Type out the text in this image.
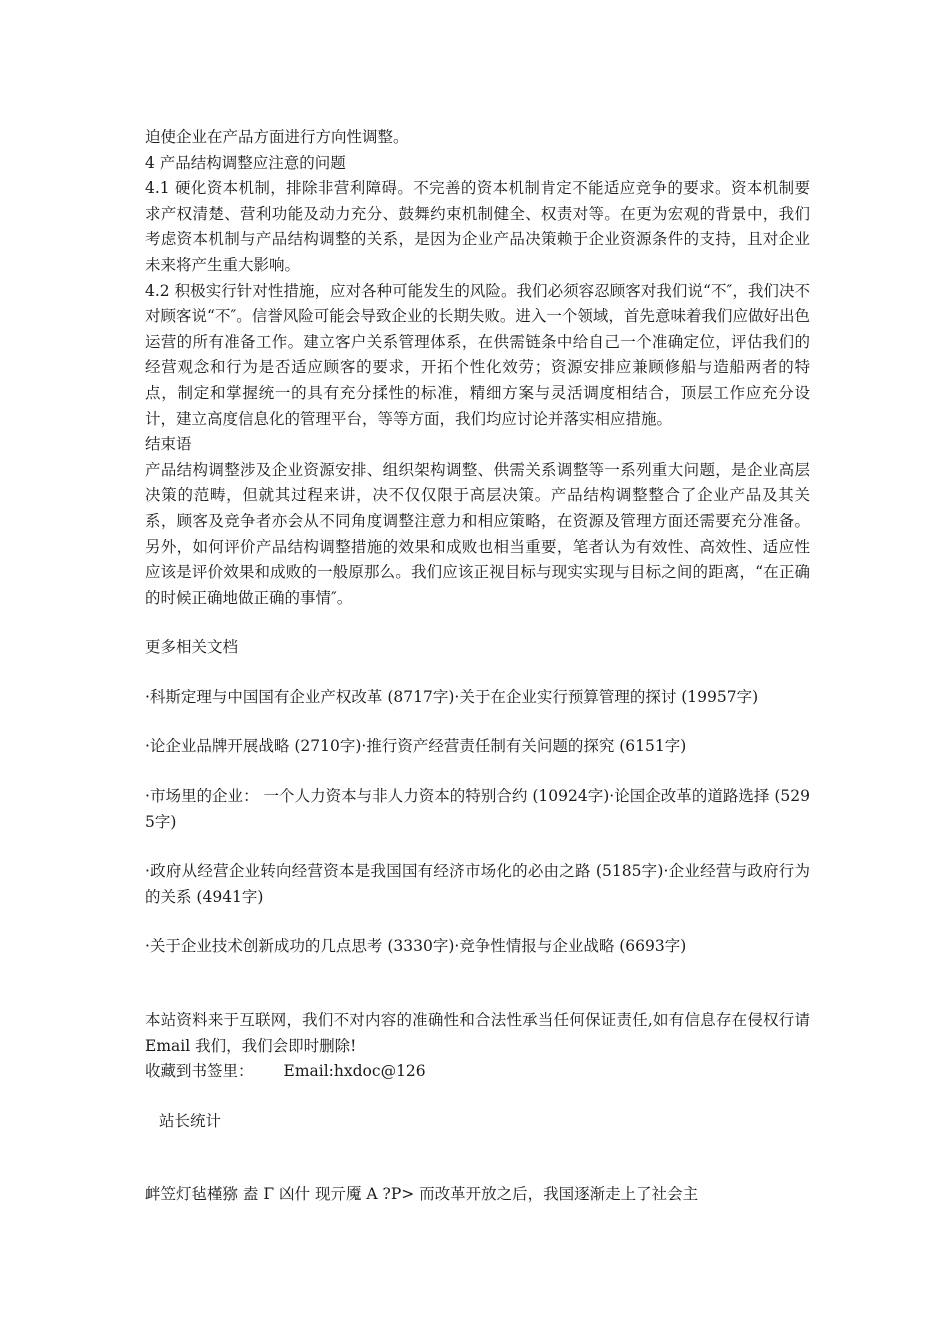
迫使企业在产品方面进行方向性调整。

4 产品结构调整应注意的问题

4.1 硬化资本机制，排除非营利障碍。不完善的资本机制肯定不能适应竞争的要求。资本机制要求产权清楚、营利功能及动力充分、鼓舞约束机制健全、权责对等。在更为宏观的背景中，我们考虑资本机制与产品结构调整的关系，是因为企业产品决策赖于企业资源条件的支持，且对企业未来将产生重大影响。

4.2 积极实行针对性措施，应对各种可能发生的风险。我们必须容忍顾客对我们说“不″，我们决不对顾客说“不″。信誉风险可能会导致企业的长期失败。进入一个领域，首先意味着我们应做好出色运营的所有准备工作。建立客户关系管理体系，在供需链条中给自己一个准确定位，评估我们的经营观念和行为是否适应顾客的要求，开拓个性化效劳；资源安排应兼顾修船与造船两者的特点，制定和掌握统一的具有充分揉性的标准，精细方案与灵活调度相结合，顶层工作应充分设计，建立高度信息化的管理平台，等等方面，我们均应讨论并落实相应措施。

结束语

产品结构调整涉及企业资源安排、组织架构调整、供需关系调整等一系列重大问题，是企业高层决策的范畴，但就其过程来讲，决不仅仅限于高层决策。产品结构调整整合了企业产品及其关系，顾客及竞争者亦会从不同角度调整注意力和相应策略，在资源及管理方面还需要充分准备。另外，如何评价产品结构调整措施的效果和成败也相当重要，笔者认为有效性、高效性、适应性应该是评价效果和成败的一般原那么。我们应该正视目标与现实实现与目标之间的距离，“在正确的时候正确地做正确的事情″。

更多相关文档

·科斯定理与中国国有企业产权改革 (8717字)·关于在企业实行预算管理的探讨 (19957字)

·论企业品牌开展战略 (2710字)·推行资产经营责任制有关问题的探究 (6151字)

·市场里的企业： 一个人力资本与非人力资本的特别合约 (10924字)·论国企改革的道路选择 (5295字)

·政府从经营企业转向经营资本是我国国有经济市场化的必由之路 (5185字)·企业经营与政府行为的关系 (4941字)

·关于企业技术创新成功的几点思考 (3330字)·竞争性情报与企业战略 (6693字)

本站资料来于互联网，我们不对内容的准确性和合法性承当任何保证责任,如有信息存在侵权行请 Email 我们，我们会即时删除!

收藏到书签里： Email:hxdoc@126

站长统计

衅笠灯毡槿猕 盍 Γ 凶什 现亓魇 A ?P> 而改革开放之后，我国逐渐走上了社会主
